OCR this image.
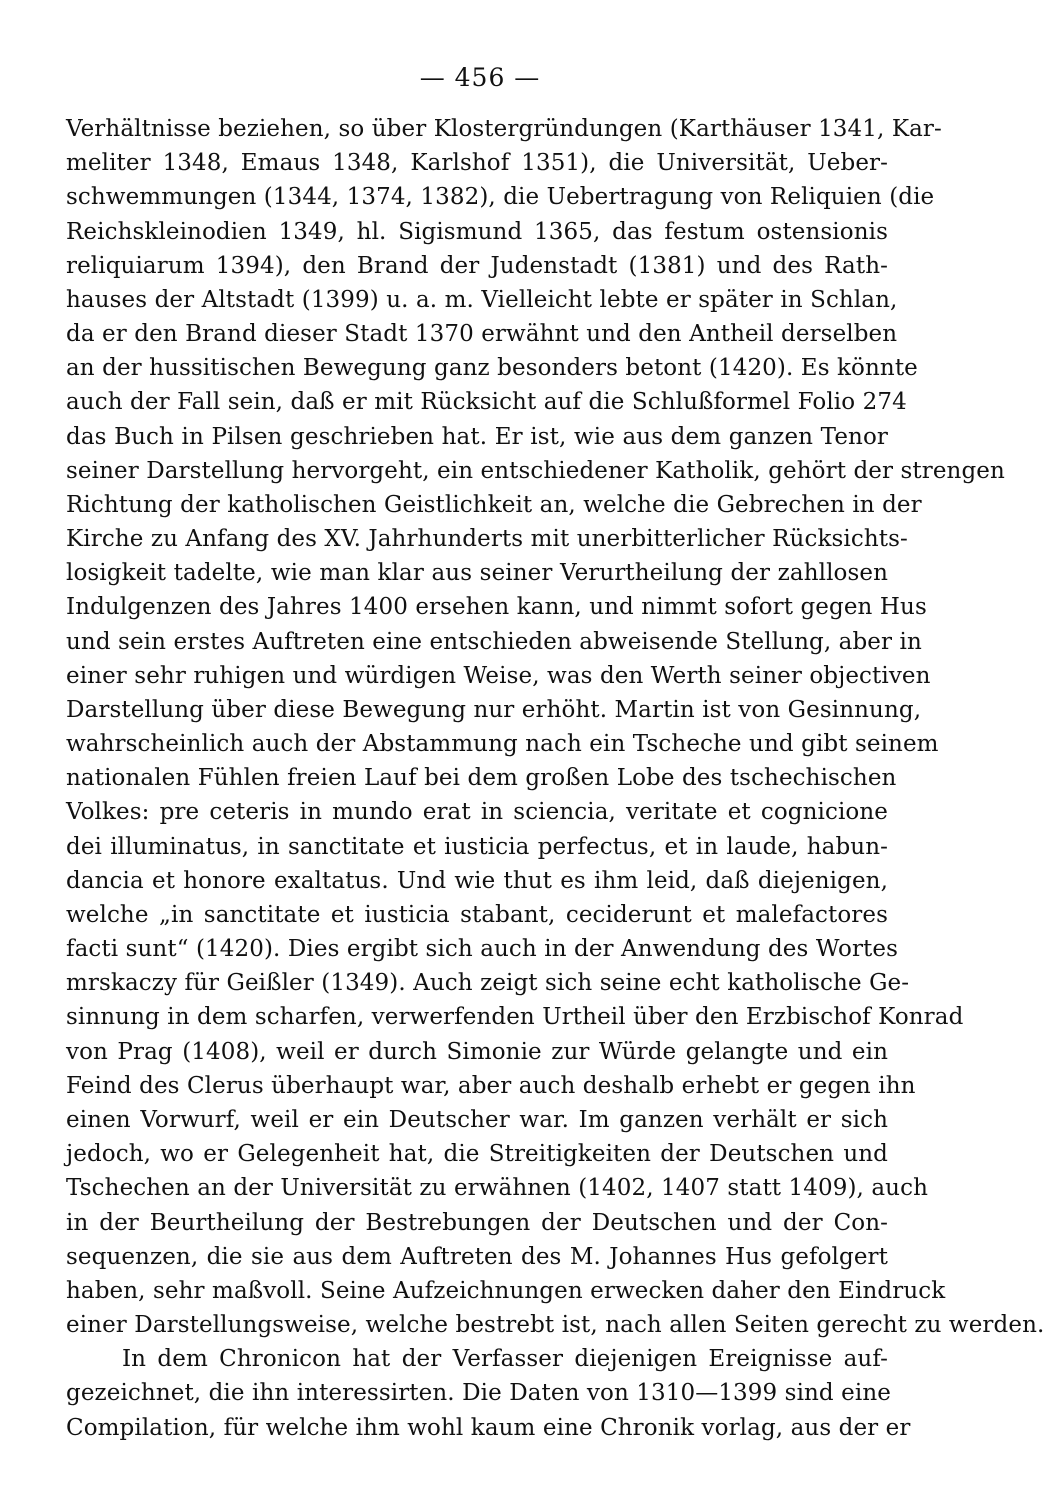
— 456 —
Verhältnisse beziehen, so über Klostergründungen (Karthäuser 1341, Kar-
meliter 1348, Emaus 1348, Karlshof 1351), die Universität, Ueber-
schwemmungen (1344, 1374, 1382), die Uebertragung von Reliquien (die
Reichskleinodien 1349, hl. Sigismund 1365, das festum ostensionis
reliquiarum 1394), den Brand der Judenstadt (1381) und des Rath-
hauses der Altstadt (1399) u. a. m. Vielleicht lebte er später in Schlan,
da er den Brand dieser Stadt 1370 erwähnt und den Antheil derselben
an der hussitischen Bewegung ganz besonders betont (1420). Es könnte
auch der Fall sein, daß er mit Rücksicht auf die Schlußformel Folio 274
das Buch in Pilsen geschrieben hat. Er ist, wie aus dem ganzen Tenor
seiner Darstellung hervorgeht, ein entschiedener Katholik, gehört der strengen
Richtung der katholischen Geistlichkeit an, welche die Gebrechen in der
Kirche zu Anfang des XV. Jahrhunderts mit unerbitterlicher Rücksichts-
losigkeit tadelte, wie man klar aus seiner Verurtheilung der zahllosen
Indulgenzen des Jahres 1400 ersehen kann, und nimmt sofort gegen Hus
und sein erstes Auftreten eine entschieden abweisende Stellung, aber in
einer sehr ruhigen und würdigen Weise, was den Werth seiner objectiven
Darstellung über diese Bewegung nur erhöht. Martin ist von Gesinnung,
wahrscheinlich auch der Abstammung nach ein Tscheche und gibt seinem
nationalen Fühlen freien Lauf bei dem großen Lobe des tschechischen
Volkes: pre ceteris in mundo erat in sciencia, veritate et cognicione
dei illuminatus, in sanctitate et iusticia perfectus, et in laude, habun-
dancia et honore exaltatus. Und wie thut es ihm leid, daß diejenigen,
welche „in sanctitate et iusticia stabant, ceciderunt et malefactores
facti sunt“ (1420). Dies ergibt sich auch in der Anwendung des Wortes
mrskaczy für Geißler (1349). Auch zeigt sich seine echt katholische Ge-
sinnung in dem scharfen, verwerfenden Urtheil über den Erzbischof Konrad
von Prag (1408), weil er durch Simonie zur Würde gelangte und ein
Feind des Clerus überhaupt war, aber auch deshalb erhebt er gegen ihn
einen Vorwurf, weil er ein Deutscher war. Im ganzen verhält er sich
jedoch, wo er Gelegenheit hat, die Streitigkeiten der Deutschen und
Tschechen an der Universität zu erwähnen (1402, 1407 statt 1409), auch
in der Beurtheilung der Bestrebungen der Deutschen und der Con-
sequenzen, die sie aus dem Auftreten des M. Johannes Hus gefolgert
haben, sehr maßvoll. Seine Aufzeichnungen erwecken daher den Eindruck
einer Darstellungsweise, welche bestrebt ist, nach allen Seiten gerecht zu werden.
In dem Chronicon hat der Verfasser diejenigen Ereignisse auf-
gezeichnet, die ihn interessirten. Die Daten von 1310—1399 sind eine
Compilation, für welche ihm wohl kaum eine Chronik vorlag, aus der er
